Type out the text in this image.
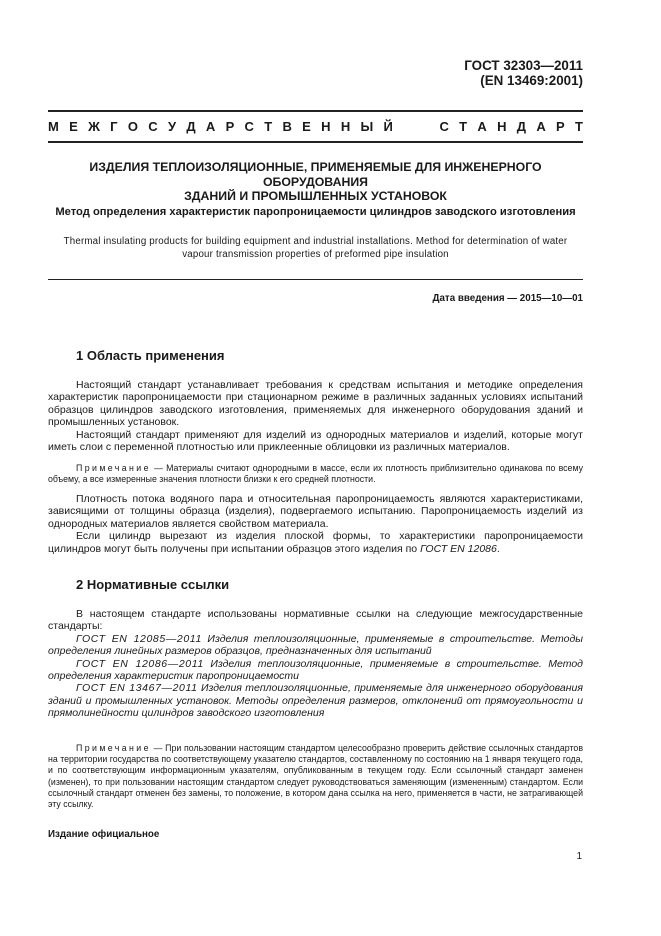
ГОСТ 32303—2011
(EN 13469:2001)
М Е Ж Г О С У Д А Р С Т В Е Н Н Ы Й	С Т А Н Д А Р Т
ИЗДЕЛИЯ ТЕПЛОИЗОЛЯЦИОННЫЕ, ПРИМЕНЯЕМЫЕ ДЛЯ ИНЖЕНЕРНОГО ОБОРУДОВАНИЯ
ЗДАНИЙ И ПРОМЫШЛЕННЫХ УСТАНОВОК
Метод определения характеристик паропроницаемости цилиндров заводского изготовления
Thermal insulating products for building equipment and industrial installations. Method for determination of water
vapour transmission properties of preformed pipe insulation
Дата введения — 2015—10—01
1 Область применения

Настоящий стандарт устанавливает требования к средствам испытания и методике определения характеристик паропроницаемости при стационарном режиме в различных заданных условиях испытаний образцов цилиндров заводского изготовления, применяемых для инженерного оборудования зданий и промышленных установок.

Настоящий стандарт применяют для изделий из однородных материалов и изделий, которые могут иметь слои с переменной плотностью или приклеенные облицовки из различных материалов.

Примечание — Материалы считают однородными в массе, если их плотность приблизительно одинакова по всему объему, а все измеренные значения плотности близки к его средней плотности.

Плотность потока водяного пара и относительная паропроницаемость являются характеристиками, зависящими от толщины образца (изделия), подвергаемого испытанию. Паропроницаемость изделий из однородных материалов является свойством материала.

Если цилиндр вырезают из изделия плоской формы, то характеристики паропроницаемости цилиндров могут быть получены при испытании образцов этого изделия по ГОСТ EN 12086.

2 Нормативные ссылки

В настоящем стандарте использованы нормативные ссылки на следующие межгосударственные стандарты:

ГОСТ EN 12085—2011 Изделия теплоизоляционные, применяемые в строительстве. Методы определения линейных размеров образцов, предназначенных для испытаний

ГОСТ EN 12086—2011 Изделия теплоизоляционные, применяемые в строительстве. Метод определения характеристик паропроницаемости

ГОСТ EN 13467—2011 Изделия теплоизоляционные, применяемые для инженерного оборудования зданий и промышленных установок. Методы определения размеров, отклонений от прямоугольности и прямолинейности цилиндров заводского изготовления

Примечание — При пользовании настоящим стандартом целесообразно проверить действие ссылочных стандартов на территории государства по соответствующему указателю стандартов, составленному по состоянию на 1 января текущего года, и по соответствующим информационным указателям, опубликованным в текущем году. Если ссылочный стандарт заменен (изменен), то при пользовании настоящим стандартом следует руководствоваться заменяющим (измененным) стандартом. Если ссылочный стандарт отменен без замены, то положение, в котором дана ссылка на него, применяется в части, не затрагивающей эту ссылку.

Издание официальное
1
